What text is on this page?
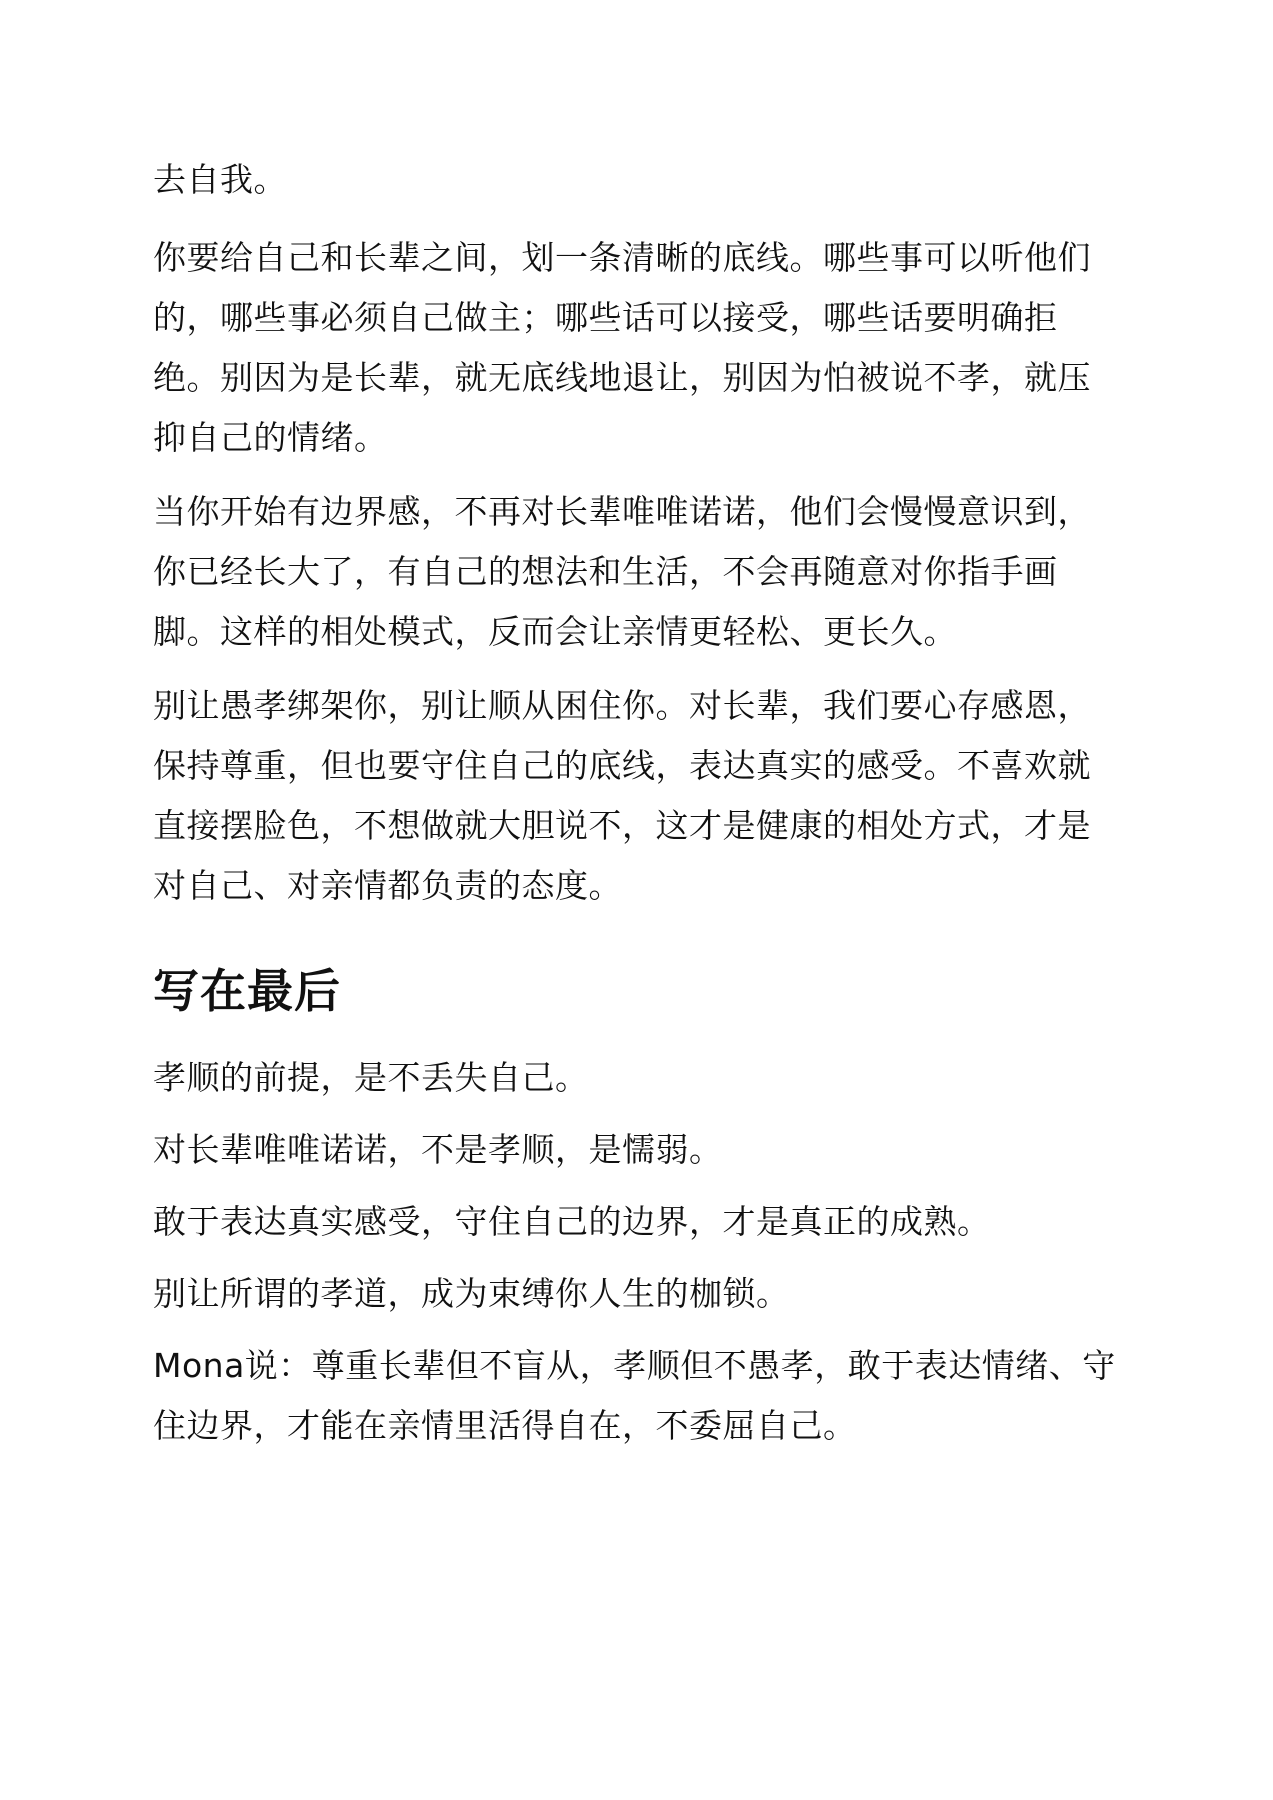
去自我。

你要给自己和长辈之间，划一条清晰的底线。哪些事可以听他们的，哪些事必须自己做主；哪些话可以接受，哪些话要明确拒绝。别因为是长辈，就无底线地退让，别因为怕被说不孝，就压抑自己的情绪。

当你开始有边界感，不再对长辈唯唯诺诺，他们会慢慢意识到，你已经长大了，有自己的想法和生活，不会再随意对你指手画脚。这样的相处模式，反而会让亲情更轻松、更长久。

别让愚孝绑架你，别让顺从困住你。对长辈，我们要心存感恩，保持尊重，但也要守住自己的底线，表达真实的感受。不喜欢就直接摆脸色，不想做就大胆说不，这才是健康的相处方式，才是对自己、对亲情都负责的态度。

写在最后

孝顺的前提，是不丢失自己。

对长辈唯唯诺诺，不是孝顺，是懦弱。

敢于表达真实感受，守住自己的边界，才是真正的成熟。

别让所谓的孝道，成为束缚你人生的枷锁。

Mona说：尊重长辈但不盲从，孝顺但不愚孝，敢于表达情绪、守住边界，才能在亲情里活得自在，不委屈自己。
